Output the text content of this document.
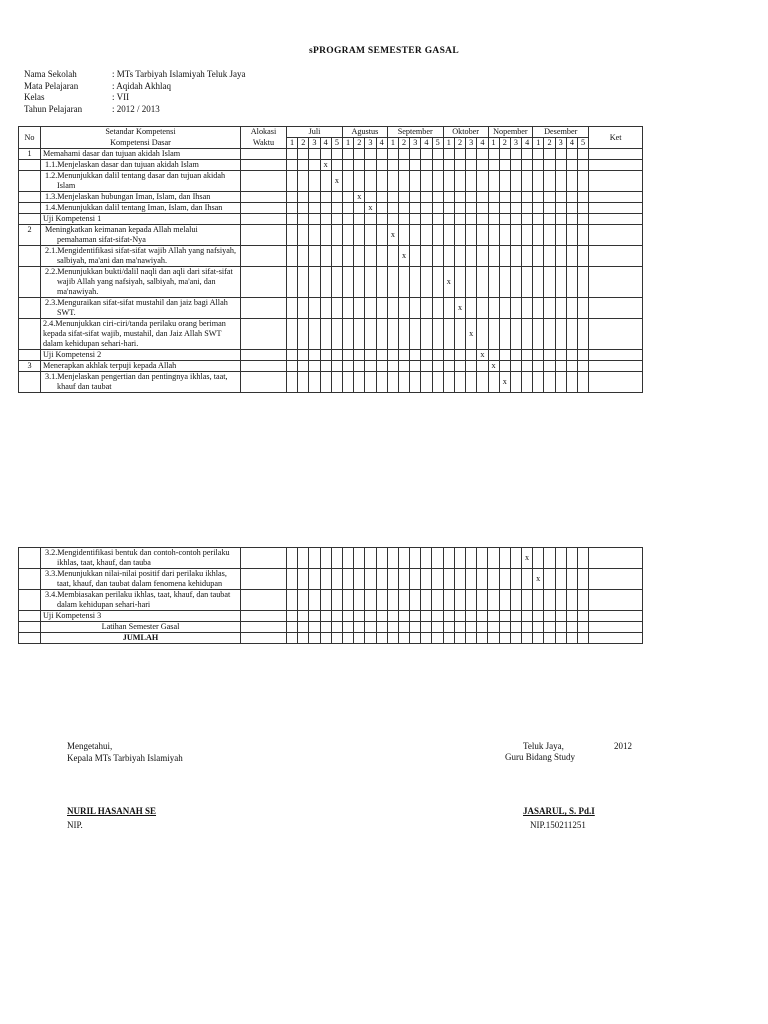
sPROGRAM SEMESTER GASAL
Nama Sekolah	: MTs Tarbiyah Islamiyah Teluk Jaya
Mata Pelajaran	: Aqidah Akhlaq
Kelas	: VII
Tahun Pelajaran	: 2012 / 2013
No	Setandar Kompetensi	Alokasi	Juli					Agustus				September					Oktober				Nopember				Desember					Ket
	Kompetensi Dasar	Waktu	1	2	3	4	5	1	2	3	4	1	2	3	4	5	1	2	3	4	1	2	3	4	1	2	3	4	5	
1	Memahami dasar dan tujuan akidah Islam																													

	1.1.Menjelaskan dasar dan tujuan akidah Islam					x																								

	1.2.Menunjukkan dalil tentang dasar dan tujuan akidah Islam						x																							

	1.3.Menjelaskan hubungan Iman, Islam, dan Ihsan								x																					

	1.4.Menunjukkan dalil tentang Iman, Islam, dan Ihsan									x																				
	Uji Kompetensi 1																													
2	Meningkatkan keimanan kepada Allah melalui pemahaman sifat-sifat-Nya											x																		

	2.1.Mengidentifikasi sifat-sifat wajib Allah yang nafsiyah, salbiyah, ma'ani dan ma'nawiyah.												x																	

	2.2.Menunjukkan bukti/dalil naqli dan aqli dari sifat-sifat wajib Allah yang nafsiyah, salbiyah, ma'ani, dan ma'nawiyah.																x													

	2.3.Menguraikan sifat-sifat mustahil dan jaiz bagi Allah SWT.																	x												
	2.4.Menunjukkan ciri-ciri/tanda perilaku orang beriman kepada sifat-sifat wajib, mustahil, dan Jaiz Allah SWT dalam kehidupan sehari-hari.																		x											
	Uji Kompetensi 2																			x										
3	Menerapkan akhlak terpuji kepada Allah																				x									

	3.1.Menjelaskan pengertian dan pentingnya ikhlas, taat, khauf dan taubat																					x								

	3.2.Mengidentifikasi bentuk dan contoh-contoh perilaku ikhlas, taat, khauf, dan tauba																							x						

	3.3.Menunjukkan nilai-nilai positif dari perilaku ikhlas, taat, khauf, dan taubat dalam fenomena kehidupan																								x					

	3.4.Membiasakan perilaku ikhlas, taat, khauf, dan taubat dalam kehidupan sehari-hari																													

	Uji Kompetensi 3																													
	Latihan Semester Gasal																													
	JUMLAH																													
Mengetahui,
Kepala MTs Tarbiyah Islamiyah
NURIL HASANAH SE
NIP.
Teluk Jaya,	2012
Guru Bidang Study
JASARUL, S. Pd.I
NIP.150211251
